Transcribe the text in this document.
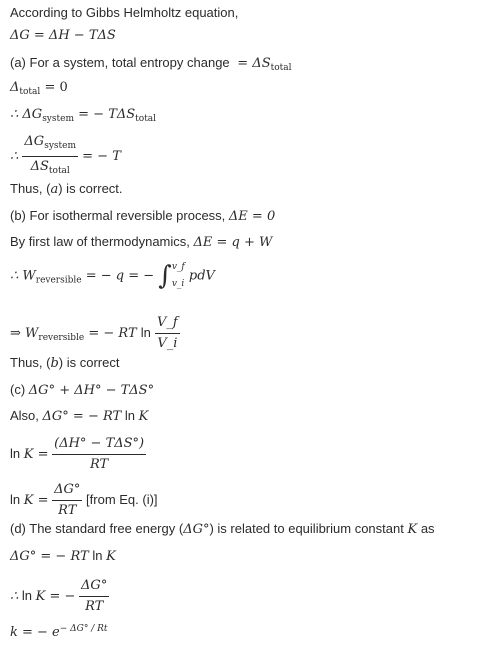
According to Gibbs Helmholtz equation,
ΔG = ΔH − TΔS
(a) For a system, total entropy change = $\Delta S_{total}$
$\Delta_{total} = 0$
∴ $\Delta G_{system}$ = − $T\Delta S_{total}$
∴ $\frac{\Delta G_{system}}{\Delta S_{total}}$ = − T
Thus, (a) is correct.
(b) For isothermal reversible process, ΔE = 0
By first law of thermodynamics, ΔE = q + W
∴ $W_{reversible}$ = − q = − ∫ v_f
v_i
pdV
⇒ $W_{reversible}$ = − RT $\ln \frac{V\_f}{V\_i}$
Thus, (b) is correct
(c) ΔG° + ΔH° − TΔS°
Also, ΔG° = − RT ln K
$\ln K = \frac{\text{(ΔH° − TΔS°)}}{RT}$
$\ln K = \frac{\Delta G^\circ}{RT}$ [from Eq. (i)]
(d) The standard free energy (ΔG°) is related to equilibrium constant K as
ΔG° = − RT ln K
∴ ln K = − $\frac{\Delta G^\circ}{RT}$
k = − $e^{- \Delta G^\circ / Rt}$
